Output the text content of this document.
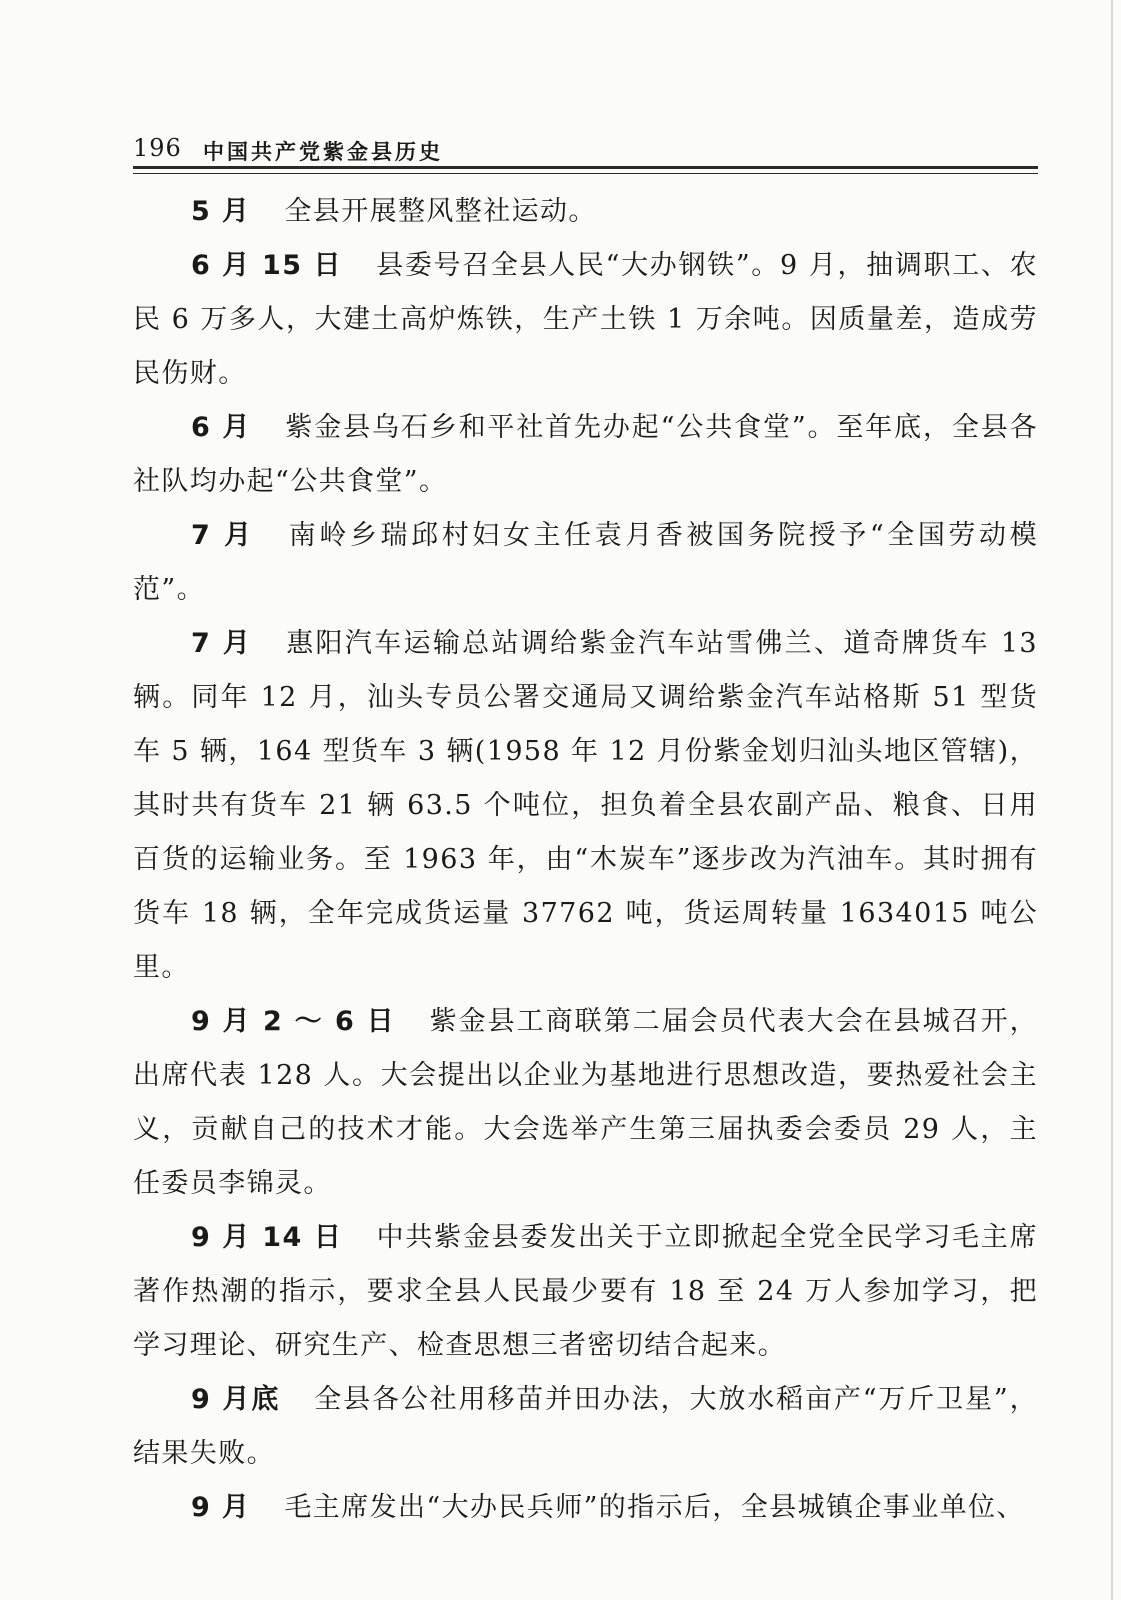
196 中国共产党紫金县历史

5 月 全县开展整风整社运动。

6 月 15 日 县委号召全县人民“大办钢铁”。9 月，抽调职工、农民 6 万多人，大建土高炉炼铁，生产土铁 1 万余吨。因质量差，造成劳民伤财。

6 月 紫金县乌石乡和平社首先办起“公共食堂”。至年底，全县各社队均办起“公共食堂”。

7 月 南岭乡瑞邱村妇女主任袁月香被国务院授予“全国劳动模范”。

7 月 惠阳汽车运输总站调给紫金汽车站雪佛兰、道奇牌货车 13 辆。同年 12 月，汕头专员公署交通局又调给紫金汽车站格斯 51 型货车 5 辆，164 型货车 3 辆(1958 年 12 月份紫金划归汕头地区管辖)，其时共有货车 21 辆 63.5 个吨位，担负着全县农副产品、粮食、日用百货的运输业务。至 1963 年，由“木炭车”逐步改为汽油车。其时拥有货车 18 辆，全年完成货运量 37762 吨，货运周转量 1634015 吨公里。

9 月 2 ～ 6 日 紫金县工商联第二届会员代表大会在县城召开，出席代表 128 人。大会提出以企业为基地进行思想改造，要热爱社会主义，贡献自己的技术才能。大会选举产生第三届执委会委员 29 人，主任委员李锦灵。

9 月 14 日 中共紫金县委发出关于立即掀起全党全民学习毛主席著作热潮的指示，要求全县人民最少要有 18 至 24 万人参加学习，把学习理论、研究生产、检查思想三者密切结合起来。

9 月底 全县各公社用移苗并田办法，大放水稻亩产“万斤卫星”，结果失败。

9 月 毛主席发出“大办民兵师”的指示后，全县城镇企事业单位、
